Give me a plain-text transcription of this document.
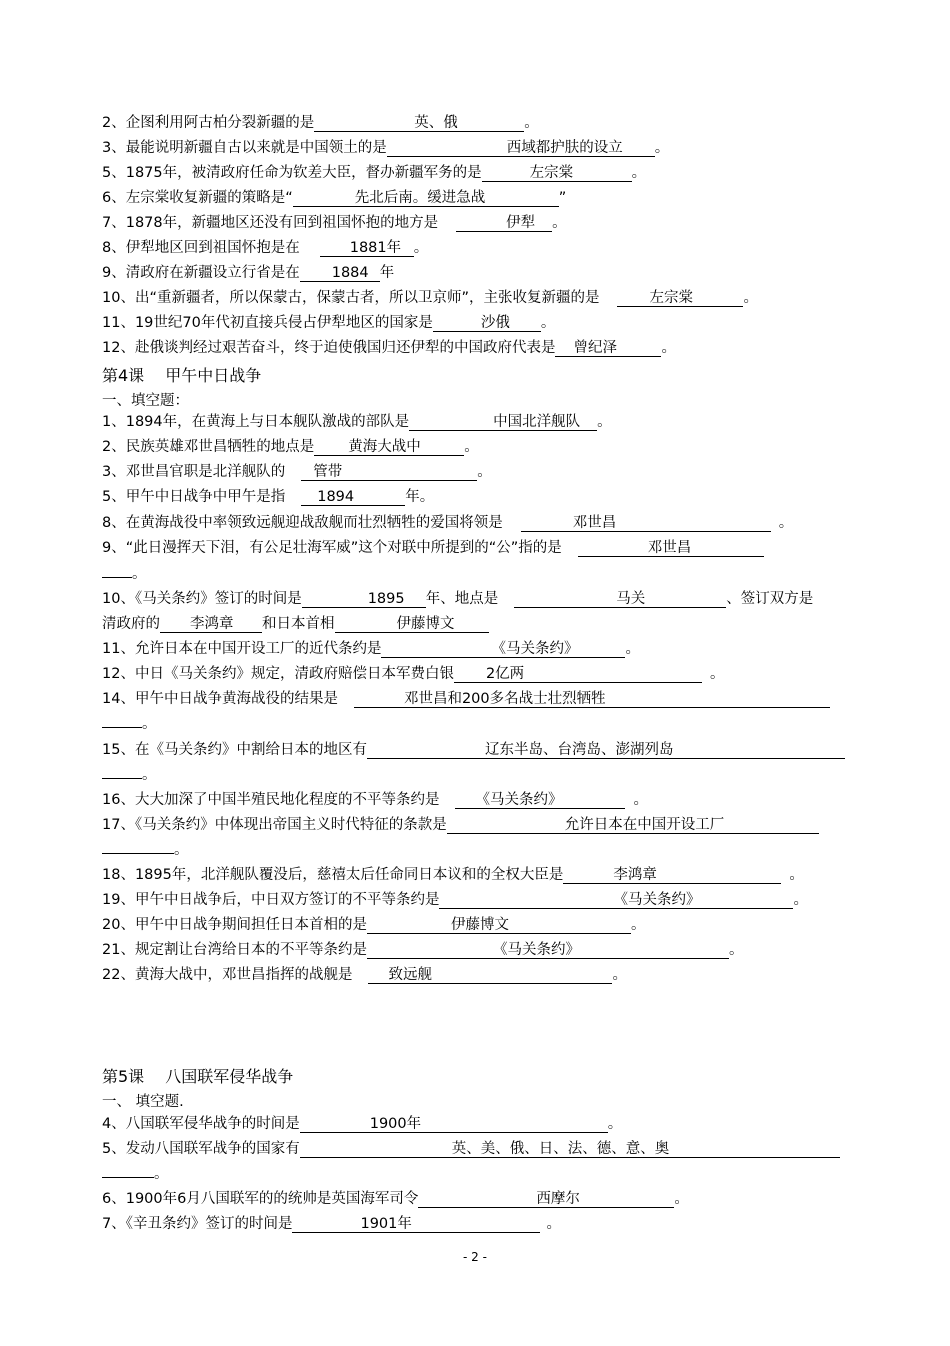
2、企图利用阿古柏分裂新疆的是	英、俄	。
3、最能说明新疆自古以来就是中国领土的是	西域都护肤的设立 。
5、1875年，被清政府任命为钦差大臣，督办新疆军务的是	左宗棠	。
6、左宗棠收复新疆的策略是“	先北后南。缓进急战	”
7、1878年，新疆地区还没有回到祖国怀抱的地方是	伊犁 。
8、伊犁地区回到祖国怀抱是在	1881年 。
9、清政府在新疆设立行省是在 1884 年
10、出“重新疆者，所以保蒙古，保蒙古者，所以卫京师”，主张收复新疆的是	左宗棠	。
11、19世纪70年代初直接兵侵占伊犁地区的国家是	沙俄 。
12、赴俄谈判经过艰苦奋斗，终于迫使俄国归还伊犁的中国政府代表是 曾纪泽	。
第4课　 甲午中日战争
一、填空题：
1、1894年，在黄海上与日本舰队激战的部队是	中国北洋舰队 。
2、民族英雄邓世昌牺牲的地点是 黄海大战中	。
3、邓世昌官职是北洋舰队的 管带	。
5、甲午中日战争中甲午是指 1894	年。
8、在黄海战役中率领致远舰迎战敌舰而壮烈牺牲的爱国将领是	邓世昌	。
9、“此日漫挥天下泪，有公足壮海军威”这个对联中所提到的“公”指的是	邓世昌
。
10、《马关条约》签订的时间是	1895 年、地点是	马关	、签订双方是
清政府的 李鸿章 和日本首相	伊藤博文
11、允许日本在中国开设工厂的近代条约是	《马关条约》	。
12、中日《马关条约》规定，清政府赔偿日本军费白银 2亿两	。
14、甲午中日战争黄海战役的结果是	邓世昌和200多名战士壮烈牺牲
。
15、在《马关条约》中割给日本的地区有	辽东半岛、台湾岛、澎湖列岛
。
16、大大加深了中国半殖民地化程度的不平等条约是 《马关条约》	。
17、《马关条约》中体现出帝国主义时代特征的条款是	允许日本在中国开设工厂
。
18、1895年，北洋舰队覆没后，慈禧太后任命同日本议和的全权大臣是	李鸿章	。
19、甲午中日战争后，中日双方签订的不平等条约是	《马关条约》	。
20、甲午中日战争期间担任日本首相的是	伊藤博文	。
21、规定割让台湾给日本的不平等条约是	《马关条约》	。
22、黄海大战中，邓世昌指挥的战舰是 致远舰	。
第5课　 八国联军侵华战争
一、 填空题.
4、八国联军侵华战争的时间是	1900年	。
5、发动八国联军战争的国家有	英、美、俄、日、法、德、意、奥
。
6、1900年6月八国联军的的统帅是英国海军司令	西摩尔	。
7、《辛丑条约》签订的时间是	1901年	。
- 2 -
